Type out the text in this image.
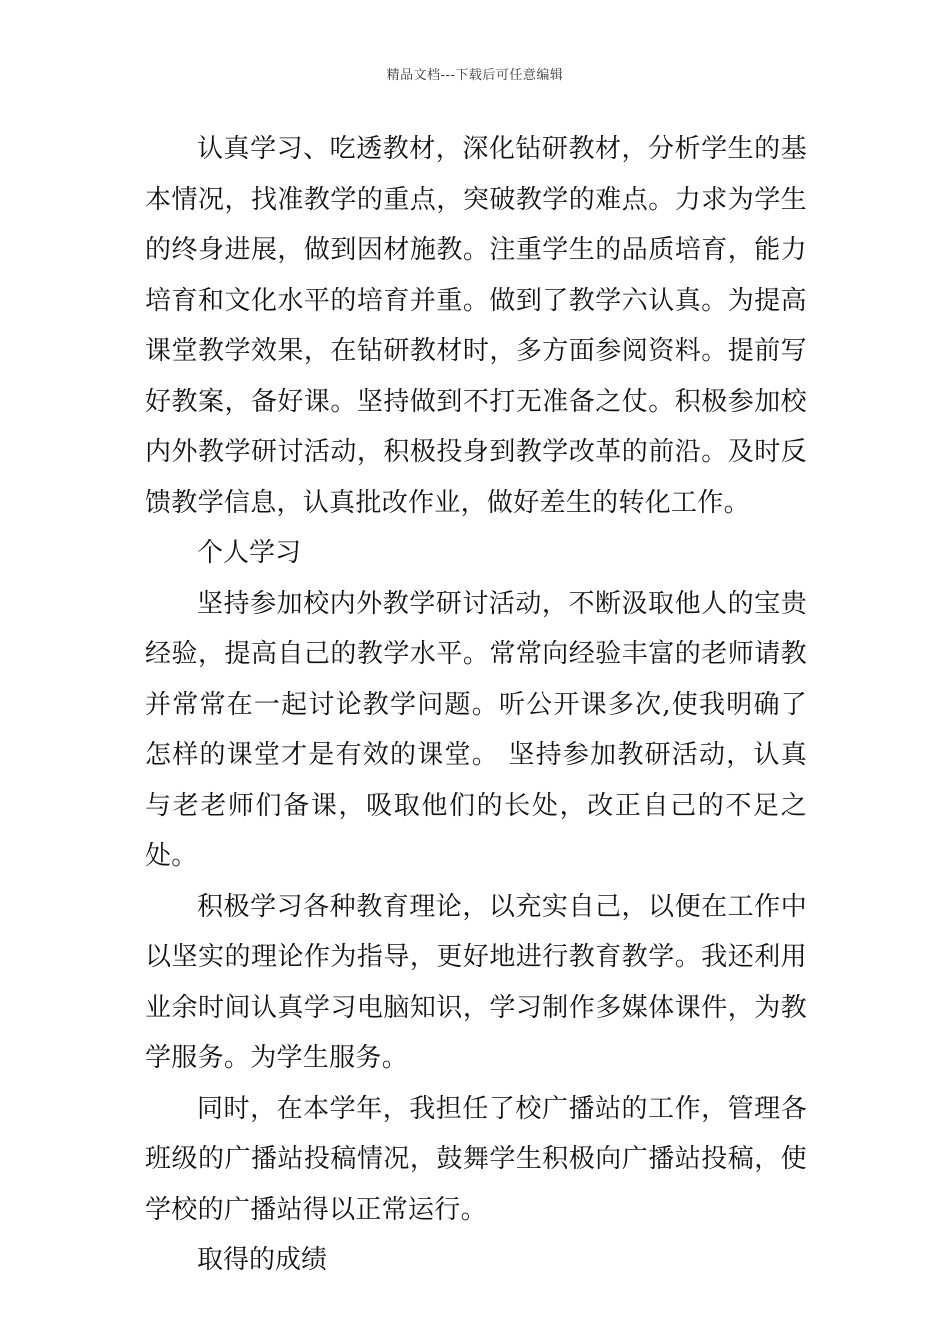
精品文档---下载后可任意编辑

认真学习、吃透教材，深化钻研教材，分析学生的基本情况，找准教学的重点，突破教学的难点。力求为学生的终身进展，做到因材施教。注重学生的品质培育，能力培育和文化水平的培育并重。做到了教学六认真。为提高课堂教学效果，在钻研教材时，多方面参阅资料。提前写好教案，备好课。坚持做到不打无准备之仗。积极参加校内外教学研讨活动，积极投身到教学改革的前沿。及时反馈教学信息，认真批改作业，做好差生的转化工作。

个人学习

坚持参加校内外教学研讨活动，不断汲取他人的宝贵经验，提高自己的教学水平。常常向经验丰富的老师请教并常常在一起讨论教学问题。听公开课多次,使我明确了怎样的课堂才是有效的课堂。 坚持参加教研活动，认真与老老师们备课，吸取他们的长处，改正自己的不足之处。

积极学习各种教育理论，以充实自己，以便在工作中以坚实的理论作为指导，更好地进行教育教学。我还利用业余时间认真学习电脑知识，学习制作多媒体课件，为教学服务。为学生服务。

同时，在本学年，我担任了校广播站的工作，管理各班级的广播站投稿情况，鼓舞学生积极向广播站投稿，使学校的广播站得以正常运行。

取得的成绩
